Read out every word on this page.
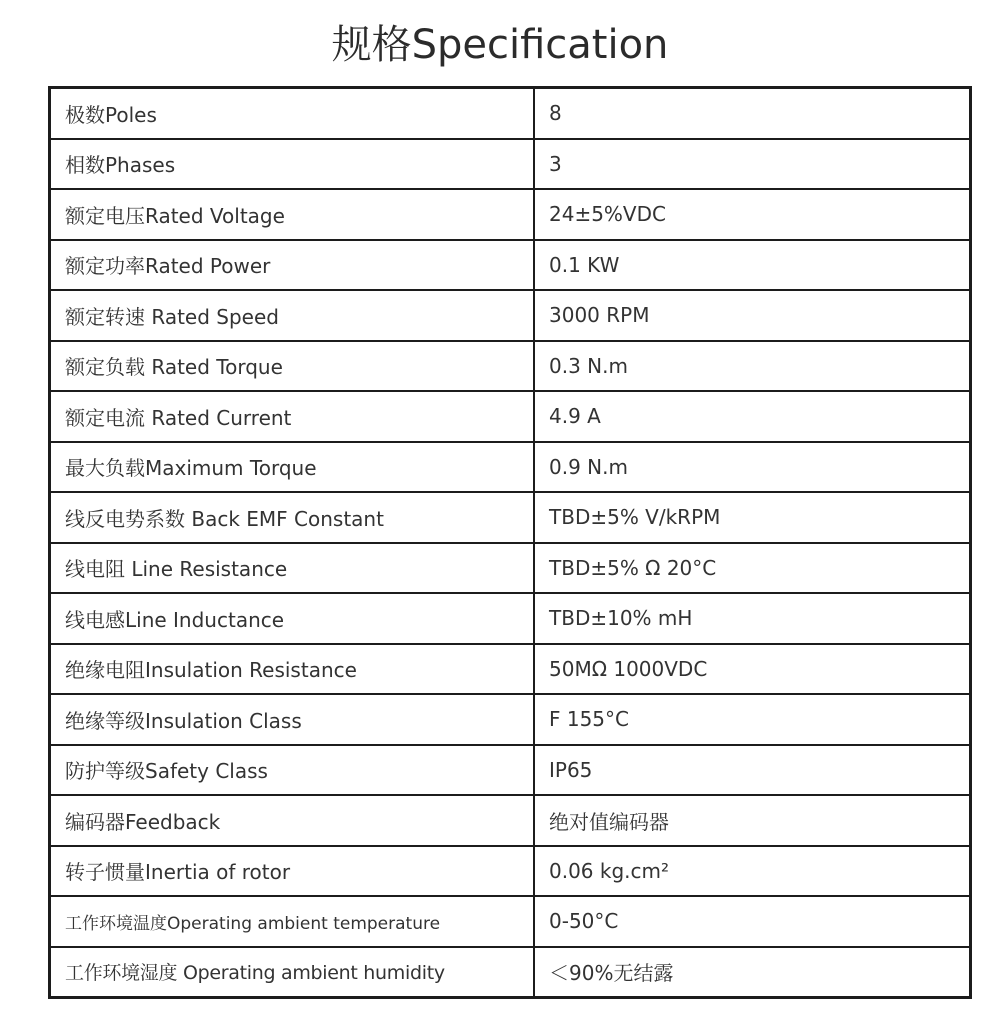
规格Specification
极数Poles	8
相数Phases	3
额定电压Rated Voltage	24±5%VDC
额定功率Rated Power	0.1 KW
额定转速 Rated Speed	3000 RPM
额定负载 Rated Torque	0.3 N.m
额定电流 Rated Current	4.9 A
最大负载Maximum Torque	0.9 N.m
线反电势系数 Back EMF Constant	TBD±5% V/kRPM
线电阻 Line Resistance	TBD±5% Ω 20°C
线电感Line Inductance	TBD±10% mH
绝缘电阻Insulation Resistance	50MΩ 1000VDC
绝缘等级Insulation Class	F 155°C
防护等级Safety Class	IP65
编码器Feedback	绝对值编码器
转子惯量Inertia of rotor	0.06 kg.cm²
工作环境温度Operating ambient temperature	0-50°C
工作环境湿度 Operating ambient humidity	＜90%无结露
